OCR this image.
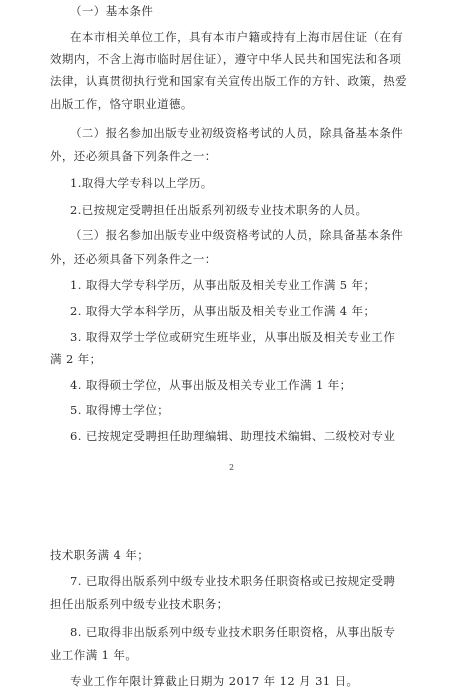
（一）基本条件
在本市相关单位工作，具有本市户籍或持有上海市居住证（在有
效期内，不含上海市临时居住证），遵守中华人民共和国宪法和各项
法律，认真贯彻执行党和国家有关宣传出版工作的方针、政策，热爱
出版工作，恪守职业道德。
（二）报名参加出版专业初级资格考试的人员，除具备基本条件
外，还必须具备下列条件之一：
1.取得大学专科以上学历。
2.已按规定受聘担任出版系列初级专业技术职务的人员。
（三）报名参加出版专业中级资格考试的人员，除具备基本条件
外，还必须具备下列条件之一：
1. 取得大学专科学历，从事出版及相关专业工作满 5 年；
2. 取得大学本科学历，从事出版及相关专业工作满 4 年；
3. 取得双学士学位或研究生班毕业，从事出版及相关专业工作
满 2 年；
4. 取得硕士学位，从事出版及相关专业工作满 1 年；
5. 取得博士学位；
6. 已按规定受聘担任助理编辑、助理技术编辑、二级校对专业
2
技术职务满 4 年；
7. 已取得出版系列中级专业技术职务任职资格或已按规定受聘
担任出版系列中级专业技术职务；
8. 已取得非出版系列中级专业技术职务任职资格，从事出版专
业工作满 1 年。
专业工作年限计算截止日期为 2017 年 12 月 31 日。
